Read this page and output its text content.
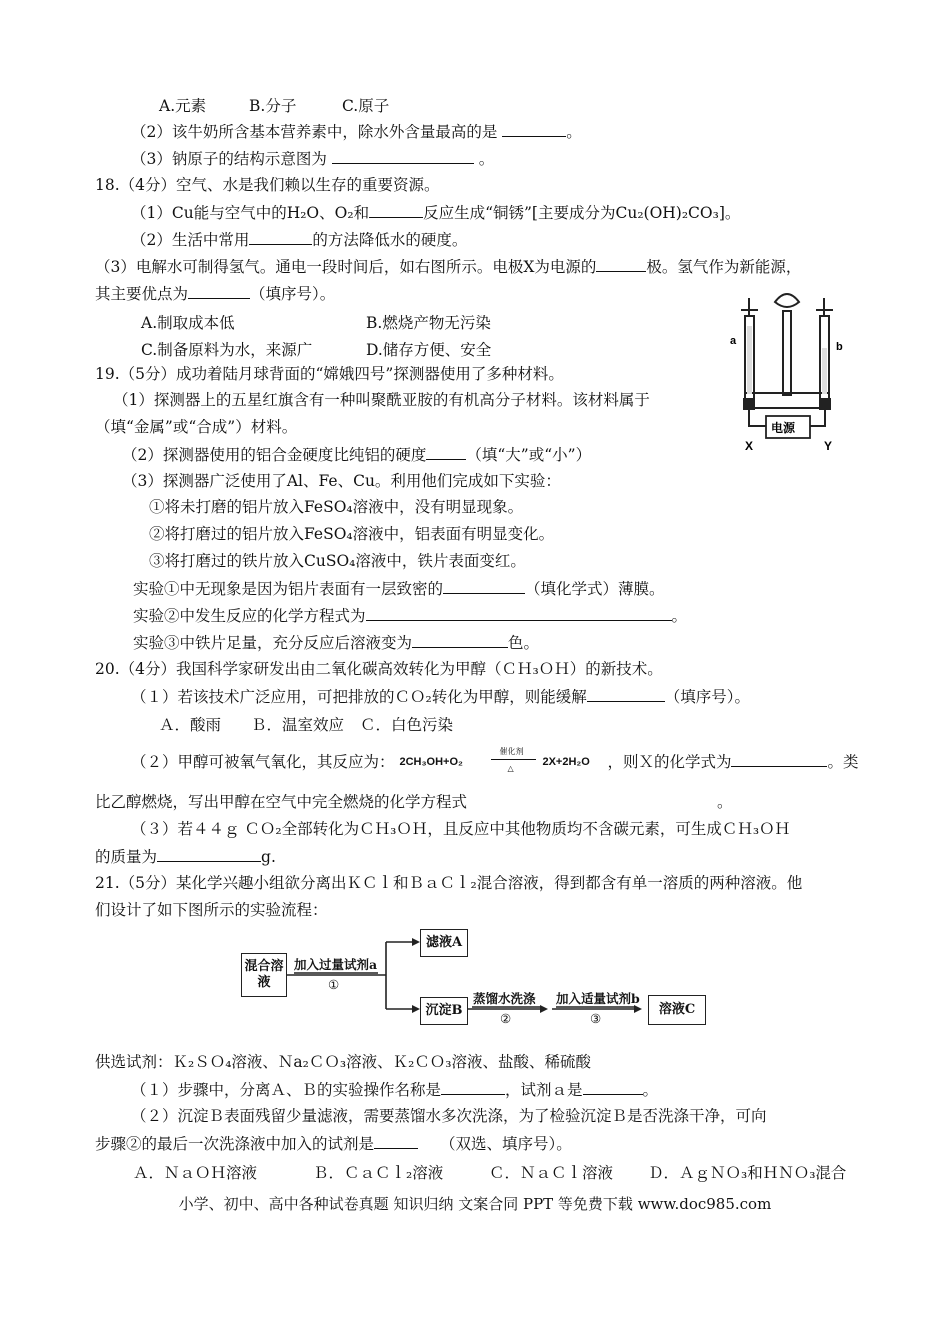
A.元素	B.分子	C.原子
（2）该牛奶所含基本营养素中，除水外含量最高的是	。
（3）钠原子的结构示意图为	。
18.（4分）空气、水是我们赖以生存的重要资源。
（1）Cu能与空气中的H₂O、O₂和	反应生成“铜锈”[主要成分为Cu₂(OH)₂CO₃]。
（2）生活中常用	的方法降低水的硬度。
（3）电解水可制得氢气。通电一段时间后，如右图所示。电极X为电源的	极。氢气作为新能源，
其主要优点为	（填序号）。
A.制取成本低	B.燃烧产物无污染
C.制备原料为水，来源广	D.储存方便、安全	a	b
X	Y
电源
19.（5分）成功着陆月球背面的“嫦娥四号”探测器使用了多种材料。
（1）探测器上的五星红旗含有一种叫聚酰亚胺的有机高分子材料。该材料属于
（填“金属”或“合成”）材料。
（2）探测器使用的铝合金硬度比纯铝的硬度	（填“大”或“小”）
（3）探测器广泛使用了Al、Fe、Cu。利用他们完成如下实验：
①将未打磨的铝片放入FeSO₄溶液中，没有明显现象。
②将打磨过的铝片放入FeSO₄溶液中，铝表面有明显变化。
③将打磨过的铁片放入CuSO₄溶液中，铁片表面变红。
实验①中无现象是因为铝片表面有一层致密的	（填化学式）薄膜。
实验②中发生反应的化学方程式为	。
实验③中铁片足量，充分反应后溶液变为	色。
20.（4分）我国科学家研发出由二氧化碳高效转化为甲醇（ＣＨ₃ＯＨ）的新技术。
（１）若该技术广泛应用，可把排放的ＣＯ₂转化为甲醇，则能缓解	（填序号）。
Ａ．酸雨 Ｂ．温室效应 Ｃ．白色污染
（２）甲醇可被氧气氧化，其反应为： 2CH₃OH+O₂
催化剂
△
2X+2H₂O ，则Ｘ的化学式为	。类
比乙醇燃烧，写出甲醇在空气中完全燃烧的化学方程式	。
（３）若４４ｇ ＣＯ₂全部转化为ＣＨ₃ＯＨ，且反应中其他物质均不含碳元素，可生成ＣＨ₃ＯＨ
的质量为	g.
21.（5分）某化学兴趣小组欲分离出ＫＣｌ和ＢａＣｌ₂混合溶液，得到都含有单一溶质的两种溶液。他
们设计了如下图所示的实验流程：
混合溶液
滤液A
沉淀B	溶液C
加入过量试剂a
①
蒸馏水洗涤
②
加入适量试剂b
③
供选试剂：Ｋ₂ＳＯ₄溶液、Ｎa₂ＣＯ₃溶液、Ｋ₂ＣＯ₃溶液、盐酸、稀硫酸
（１）步骤中，分离Ａ、Ｂ的实验操作名称是	，试剂ａ是	。
（２）沉淀Ｂ表面残留少量滤液，需要蒸馏水多次洗涤，为了检验沉淀Ｂ是否洗涤干净，可向
步骤②的最后一次洗涤液中加入的试剂是	（双选、填序号）。
Ａ．ＮａＯＨ溶液	Ｂ．ＣａＣｌ₂溶液	Ｃ．ＮａＣｌ溶液 Ｄ．ＡｇＮＯ₃和ＨＮＯ₃混合
小学、初中、高中各种试卷真题 知识归纳 文案合同 PPT 等免费下载 www.doc985.com
